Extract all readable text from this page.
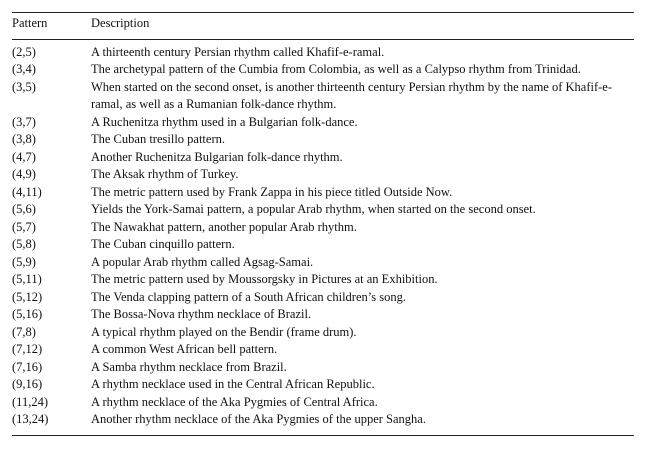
Pattern	Description
(2,5)	A thirteenth century Persian rhythm called Khafif-e-ramal.
(3,4)	The archetypal pattern of the Cumbia from Colombia, as well as a Calypso rhythm from Trinidad.
(3,5)	When started on the second onset, is another thirteenth century Persian rhythm by the name of Khafif-e-ramal, as well as a Rumanian folk-dance rhythm.
(3,7)	A Ruchenitza rhythm used in a Bulgarian folk-dance.
(3,8)	The Cuban tresillo pattern.
(4,7)	Another Ruchenitza Bulgarian folk-dance rhythm.
(4,9)	The Aksak rhythm of Turkey.
(4,11)	The metric pattern used by Frank Zappa in his piece titled Outside Now.
(5,6)	Yields the York-Samai pattern, a popular Arab rhythm, when started on the second onset.
(5,7)	The Nawakhat pattern, another popular Arab rhythm.
(5,8)	The Cuban cinquillo pattern.
(5,9)	A popular Arab rhythm called Agsag-Samai.
(5,11)	The metric pattern used by Moussorgsky in Pictures at an Exhibition.
(5,12)	The Venda clapping pattern of a South African children’s song.
(5,16)	The Bossa-Nova rhythm necklace of Brazil.
(7,8)	A typical rhythm played on the Bendir (frame drum).
(7,12)	A common West African bell pattern.
(7,16)	A Samba rhythm necklace from Brazil.
(9,16)	A rhythm necklace used in the Central African Republic.
(11,24)	A rhythm necklace of the Aka Pygmies of Central Africa.
(13,24)	Another rhythm necklace of the Aka Pygmies of the upper Sangha.
